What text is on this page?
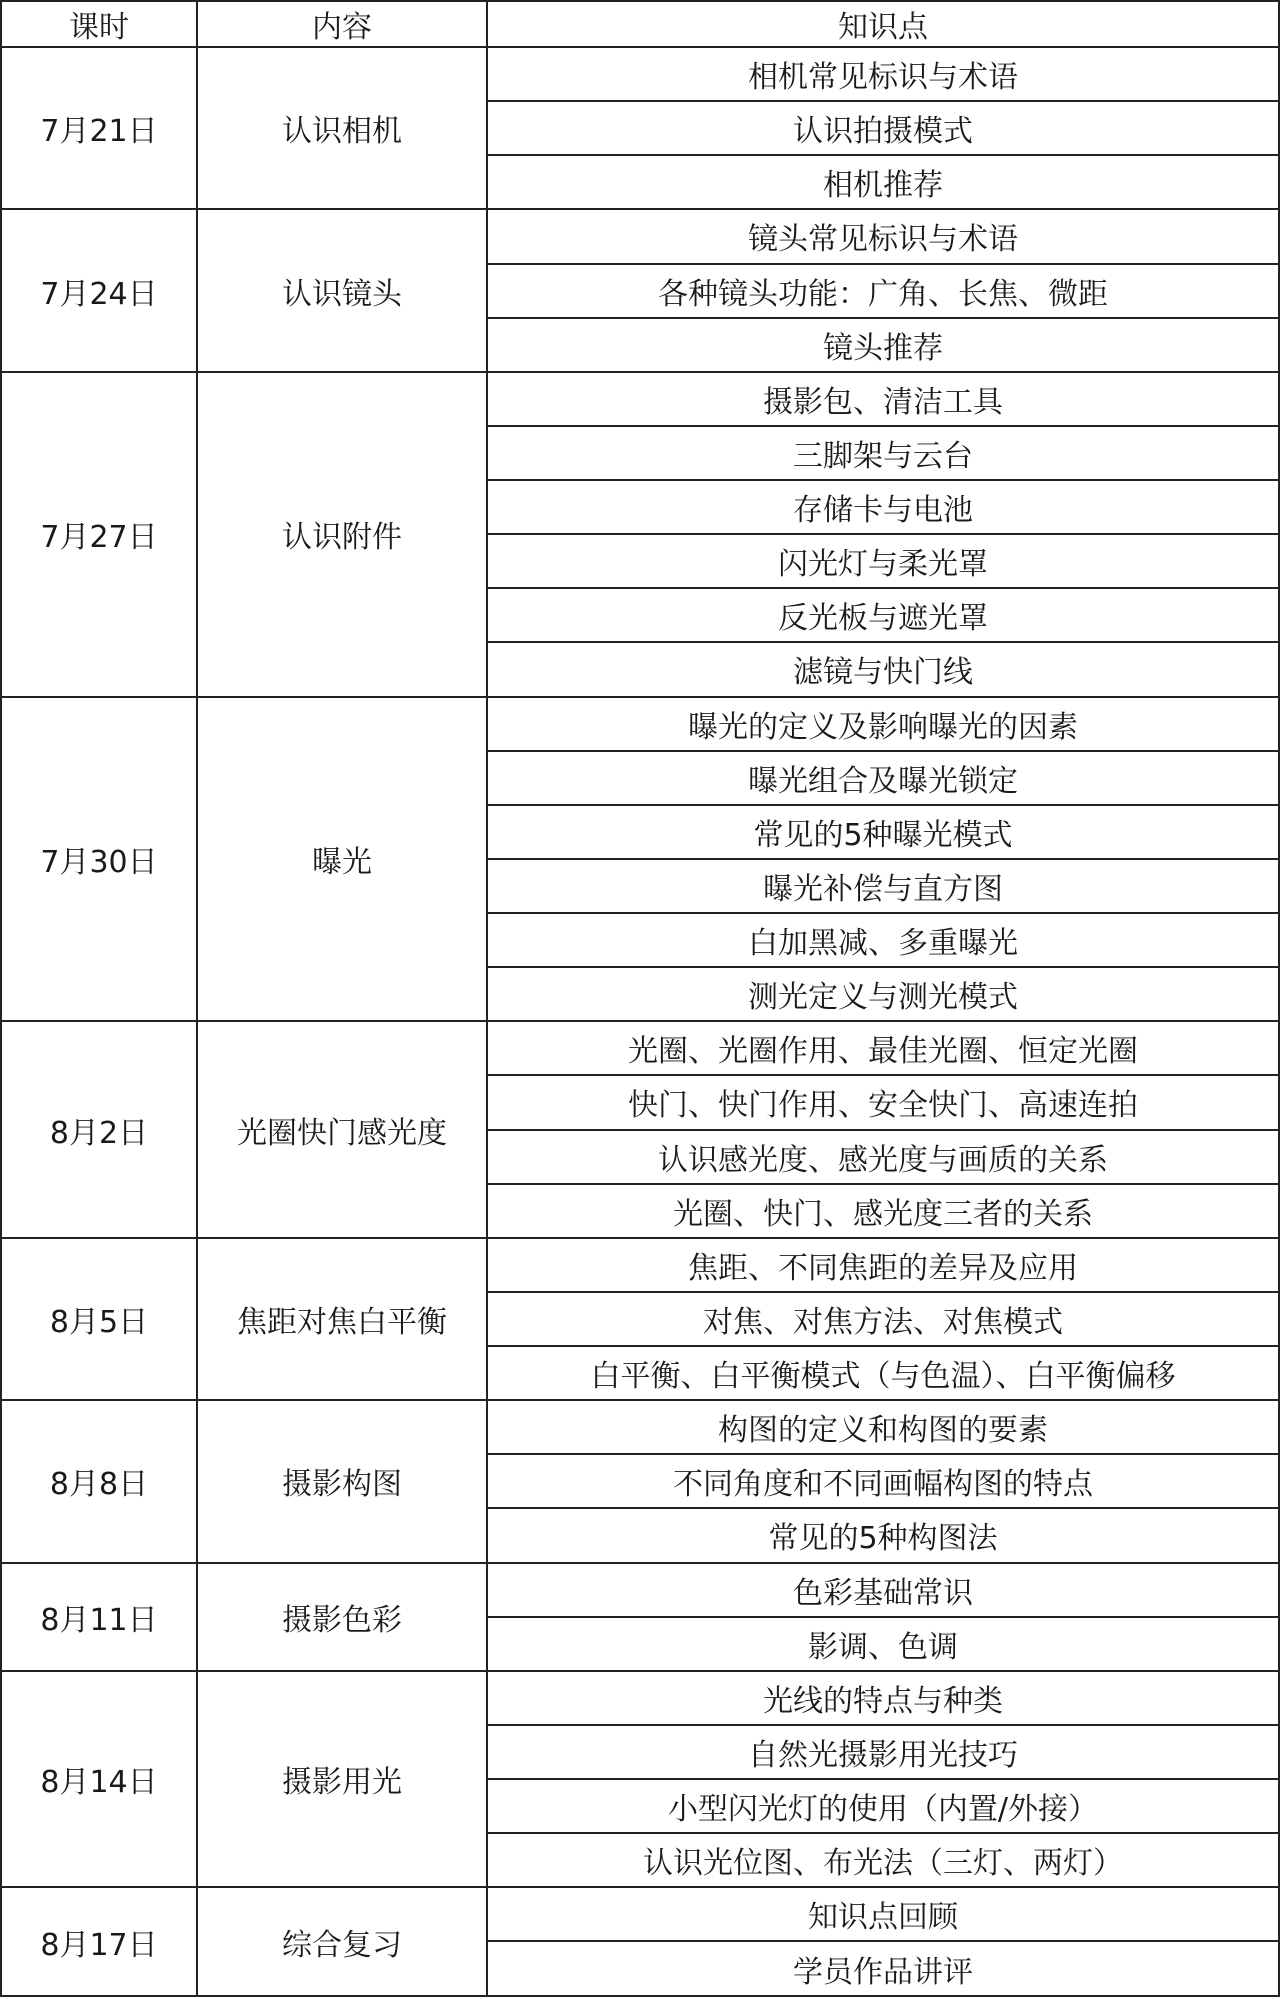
课时	内容	知识点
7月21日	认识相机	相机常见标识与术语
		认识拍摄模式
		相机推荐
7月24日	认识镜头	镜头常见标识与术语
		各种镜头功能：广角、长焦、微距
		镜头推荐
7月27日	认识附件	摄影包、清洁工具
		三脚架与云台
		存储卡与电池
		闪光灯与柔光罩
		反光板与遮光罩
		滤镜与快门线
7月30日	曝光	曝光的定义及影响曝光的因素
		曝光组合及曝光锁定
		常见的5种曝光模式
		曝光补偿与直方图
		白加黑减、多重曝光
		测光定义与测光模式
8月2日	光圈快门感光度	光圈、光圈作用、最佳光圈、恒定光圈
		快门、快门作用、安全快门、高速连拍
		认识感光度、感光度与画质的关系
		光圈、快门、感光度三者的关系
8月5日	焦距对焦白平衡	焦距、不同焦距的差异及应用
		对焦、对焦方法、对焦模式
		白平衡、白平衡模式（与色温）、白平衡偏移
8月8日	摄影构图	构图的定义和构图的要素
		不同角度和不同画幅构图的特点
		常见的5种构图法
8月11日	摄影色彩	色彩基础常识
		影调、色调
8月14日	摄影用光	光线的特点与种类
		自然光摄影用光技巧
		小型闪光灯的使用（内置/外接）
		认识光位图、布光法（三灯、两灯）
8月17日	综合复习	知识点回顾
		学员作品讲评
